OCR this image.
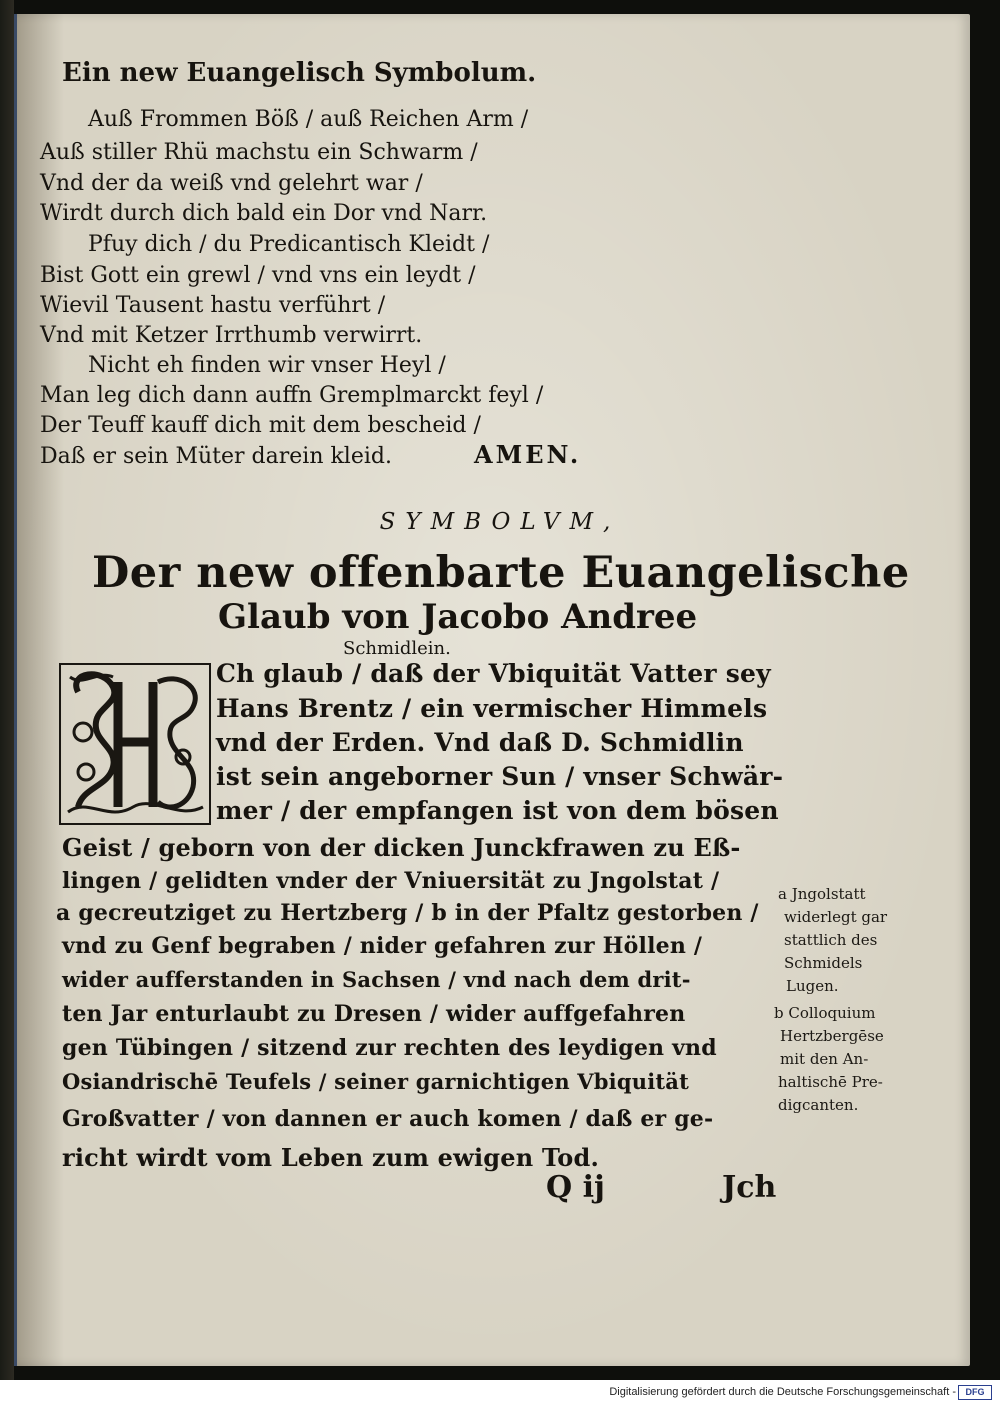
Ein new Euangelisch Symbolum.

Auß Frommen Böß / auß Reichen Arm /

Auß stiller Rhü machstu ein Schwarm /

Vnd der da weiß vnd gelehrt war /

Wirdt durch dich bald ein Dor vnd Narr.

Pfuy dich / du Predicantisch Kleidt /

Bist Gott ein grewl / vnd vns ein leydt /

Wievil Tausent hastu verführt /

Vnd mit Ketzer Irrthumb verwirrt.

Nicht eh finden wir vnser Heyl /

Man leg dich dann auffn Gremplmarckt feyl /

Der Teuff kauff dich mit dem bescheid /

Daß er sein Müter darein kleid.	AMEN.

SYMBOLVM,

Der new offenbarte Euangelische

Glaub von Jacobo Andree

Schmidlein.

Ch glaub / daß der Vbiquität Vatter sey

Hans Brentz / ein vermischer Himmels

vnd der Erden. Vnd daß D. Schmidlin

ist sein angeborner Sun / vnser Schwär-

mer / der empfangen ist von dem bösen

Geist / geborn von der dicken Junckfrawen zu Eß-

lingen / gelidten vnder der Vniuersität zu Jngolstat /

a gecreutziget zu Hertzberg / b in der Pfaltz gestorben /

vnd zu Genf begraben / nider gefahren zur Höllen /

wider aufferstanden in Sachsen / vnd nach dem drit-

ten Jar enturlaubt zu Dresen / wider auffgefahren

gen Tübingen / sitzend zur rechten des leydigen vnd

Osiandrischē Teufels / seiner garnichtigen Vbiquität

Großvatter / von dannen er auch komen / daß er ge-

richt wirdt vom Leben zum ewigen Tod.

a Jngolstatt

widerlegt gar

stattlich des

Schmidels

Lugen.

b Colloquium

Hertzbergēse

mit den An-

haltischē Pre-

digcanten.

Q ij	Jch

Digitalisierung gefördert durch die Deutsche Forschungsgemeinschaft -	DFG
